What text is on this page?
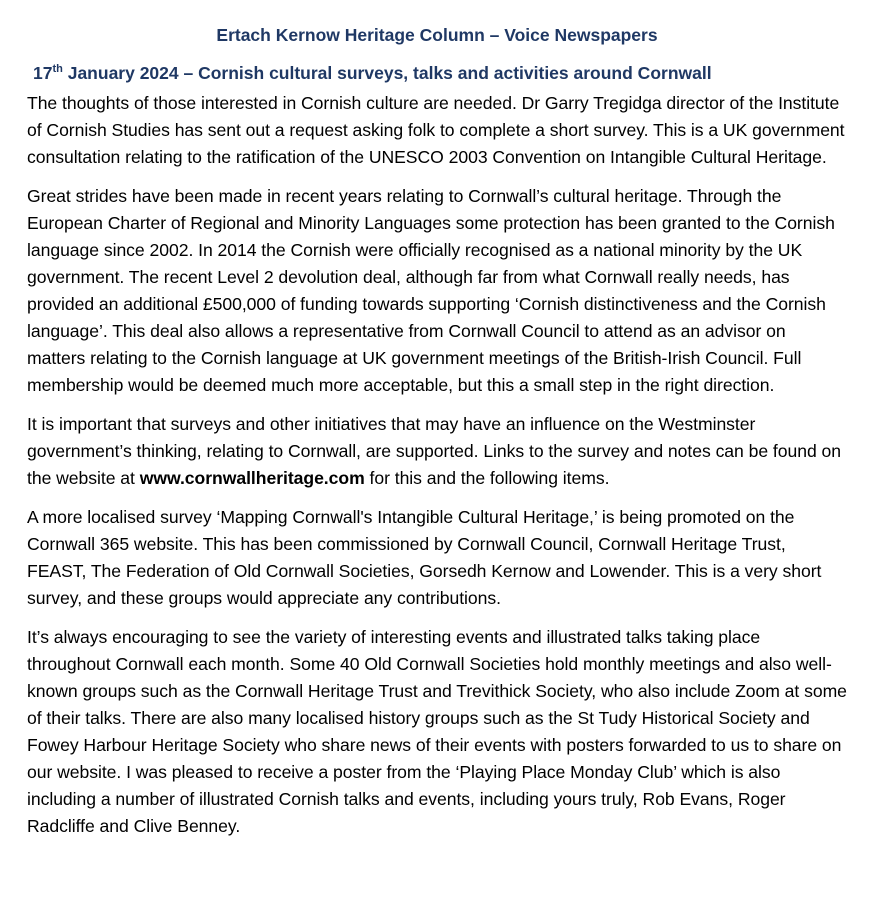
Ertach Kernow Heritage Column – Voice Newspapers
17th January 2024 – Cornish cultural surveys, talks and activities around Cornwall

The thoughts of those interested in Cornish culture are needed. Dr Garry Tregidga director of the Institute of Cornish Studies has sent out a request asking folk to complete a short survey. This is a UK government consultation relating to the ratification of the UNESCO 2003 Convention on Intangible Cultural Heritage.

Great strides have been made in recent years relating to Cornwall’s cultural heritage. Through the European Charter of Regional and Minority Languages some protection has been granted to the Cornish language since 2002. In 2014 the Cornish were officially recognised as a national minority by the UK government. The recent Level 2 devolution deal, although far from what Cornwall really needs, has provided an additional £500,000 of funding towards supporting ‘Cornish distinctiveness and the Cornish language’. This deal also allows a representative from Cornwall Council to attend as an advisor on matters relating to the Cornish language at UK government meetings of the British-Irish Council. Full membership would be deemed much more acceptable, but this a small step in the right direction.

It is important that surveys and other initiatives that may have an influence on the Westminster government’s thinking, relating to Cornwall, are supported. Links to the survey and notes can be found on the website at www.cornwallheritage.com for this and the following items.

A more localised survey ‘Mapping Cornwall's Intangible Cultural Heritage,’ is being promoted on the Cornwall 365 website. This has been commissioned by Cornwall Council, Cornwall Heritage Trust, FEAST, The Federation of Old Cornwall Societies, Gorsedh Kernow and Lowender. This is a very short survey, and these groups would appreciate any contributions.

It’s always encouraging to see the variety of interesting events and illustrated talks taking place throughout Cornwall each month. Some 40 Old Cornwall Societies hold monthly meetings and also well-known groups such as the Cornwall Heritage Trust and Trevithick Society, who also include Zoom at some of their talks. There are also many localised history groups such as the St Tudy Historical Society and Fowey Harbour Heritage Society who share news of their events with posters forwarded to us to share on our website. I was pleased to receive a poster from the ‘Playing Place Monday Club’ which is also including a number of illustrated Cornish talks and events, including yours truly, Rob Evans, Roger Radcliffe and Clive Benney.
